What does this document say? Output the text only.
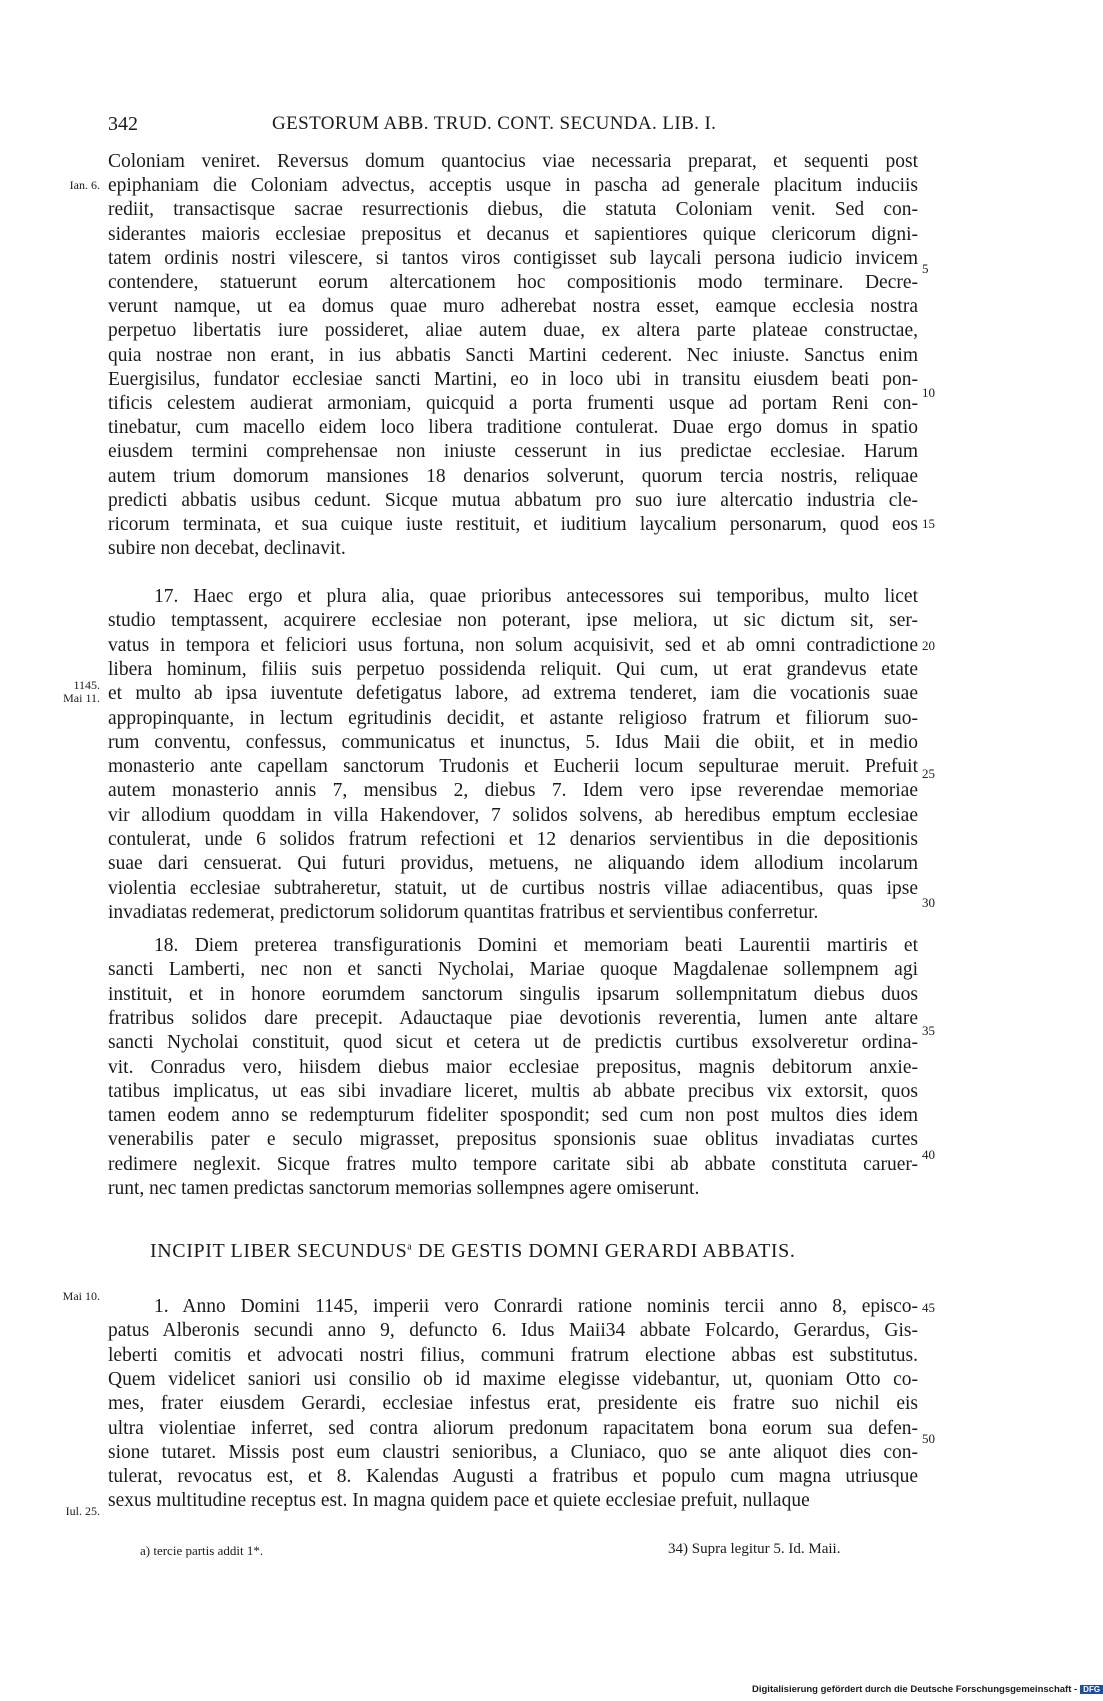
342	GESTORUM ABB. TRUD. CONT. SECUNDA. LIB. I.
Coloniam veniret. Reversus domum quantocius viae necessaria preparat, et sequenti post
epiphaniam die Coloniam advectus, acceptis usque in pascha ad generale placitum induciis
rediit, transactisque sacrae resurrectionis diebus, die statuta Coloniam venit. Sed con-
siderantes maioris ecclesiae prepositus et decanus et sapientiores quique clericorum digni-
tatem ordinis nostri vilescere, si tantos viros contigisset sub laycali persona iudicio invicem
contendere, statuerunt eorum altercationem hoc compositionis modo terminare. Decre-
verunt namque, ut ea domus quae muro adherebat nostra esset, eamque ecclesia nostra
perpetuo libertatis iure possideret, aliae autem duae, ex altera parte plateae constructae,
quia nostrae non erant, in ius abbatis Sancti Martini cederent. Nec iniuste. Sanctus enim
Euergisilus, fundator ecclesiae sancti Martini, eo in loco ubi in transitu eiusdem beati pon-
tificis celestem audierat armoniam, quicquid a porta frumenti usque ad portam Reni con-
tinebatur, cum macello eidem loco libera traditione contulerat. Duae ergo domus in spatio
eiusdem termini comprehensae non iniuste cesserunt in ius predictae ecclesiae. Harum
autem trium domorum mansiones 18 denarios solverunt, quorum tercia nostris, reliquae
predicti abbatis usibus cedunt. Sicque mutua abbatum pro suo iure altercatio industria cle-
ricorum terminata, et sua cuique iuste restituit, et iuditium laycalium personarum, quod eos
subire non decebat, declinavit.
17. Haec ergo et plura alia, quae prioribus antecessores sui temporibus, multo licet
studio temptassent, acquirere ecclesiae non poterant, ipse meliora, ut sic dictum sit, ser-
vatus in tempora et feliciori usus fortuna, non solum acquisivit, sed et ab omni contradictione
libera hominum, filiis suis perpetuo possidenda reliquit. Qui cum, ut erat grandevus etate
et multo ab ipsa iuventute defetigatus labore, ad extrema tenderet, iam die vocationis suae
appropinquante, in lectum egritudinis decidit, et astante religioso fratrum et filiorum suo-
rum conventu, confessus, communicatus et inunctus, 5. Idus Maii die obiit, et in medio
monasterio ante capellam sanctorum Trudonis et Eucherii locum sepulturae meruit. Prefuit
autem monasterio annis 7, mensibus 2, diebus 7. Idem vero ipse reverendae memoriae
vir allodium quoddam in villa Hakendover, 7 solidos solvens, ab heredibus emptum ecclesiae
contulerat, unde 6 solidos fratrum refectioni et 12 denarios servientibus in die depositionis
suae dari censuerat. Qui futuri providus, metuens, ne aliquando idem allodium incolarum
violentia ecclesiae subtraheretur, statuit, ut de curtibus nostris villae adiacentibus, quas ipse
invadiatas redemerat, predictorum solidorum quantitas fratribus et servientibus conferretur.
18. Diem preterea transfigurationis Domini et memoriam beati Laurentii martiris et
sancti Lamberti, nec non et sancti Nycholai, Mariae quoque Magdalenae sollempnem agi
instituit, et in honore eorumdem sanctorum singulis ipsarum sollempnitatum diebus duos
fratribus solidos dare precepit. Adauctaque piae devotionis reverentia, lumen ante altare
sancti Nycholai constituit, quod sicut et cetera ut de predictis curtibus exsolveretur ordina-
vit. Conradus vero, hiisdem diebus maior ecclesiae prepositus, magnis debitorum anxie-
tatibus implicatus, ut eas sibi invadiare liceret, multis ab abbate precibus vix extorsit, quos
tamen eodem anno se redempturum fideliter spospondit; sed cum non post multos dies idem
venerabilis pater e seculo migrasset, prepositus sponsionis suae oblitus invadiatas curtes
redimere neglexit. Sicque fratres multo tempore caritate sibi ab abbate constituta caruer-
runt, nec tamen predictas sanctorum memorias sollempnes agere omiserunt.
1. Anno Domini 1145, imperii vero Conrardi ratione nominis tercii anno 8, episco-
patus Alberonis secundi anno 9, defuncto 6. Idus Maii34 abbate Folcardo, Gerardus, Gis-
leberti comitis et advocati nostri filius, communi fratrum electione abbas est substitutus.
Quem videlicet saniori usi consilio ob id maxime elegisse videbantur, ut, quoniam Otto co-
mes, frater eiusdem Gerardi, ecclesiae infestus erat, presidente eis fratre suo nichil eis
ultra violentiae inferret, sed contra aliorum predonum rapacitatem bona eorum sua defen-
sione tutaret. Missis post eum claustri senioribus, a Cluniaco, quo se ante aliquot dies con-
tulerat, revocatus est, et 8. Kalendas Augusti a fratribus et populo cum magna utriusque
sexus multitudine receptus est. In magna quidem pace et quiete ecclesiae prefuit, nullaque
INCIPIT LIBER SECUNDUS$^a$ DE GESTIS DOMNI GERARDI ABBATIS.
Ian. 6.
1145.
Mai 11.
Mai 10.
Iul. 25.
5
10
15
20
25
30
35
40
45
50
a) tercie partis addit 1*.	34) Supra legitur 5. Id. Maii.
Digitalisierung gefördert durch die Deutsche Forschungsgemeinschaft - DFG
